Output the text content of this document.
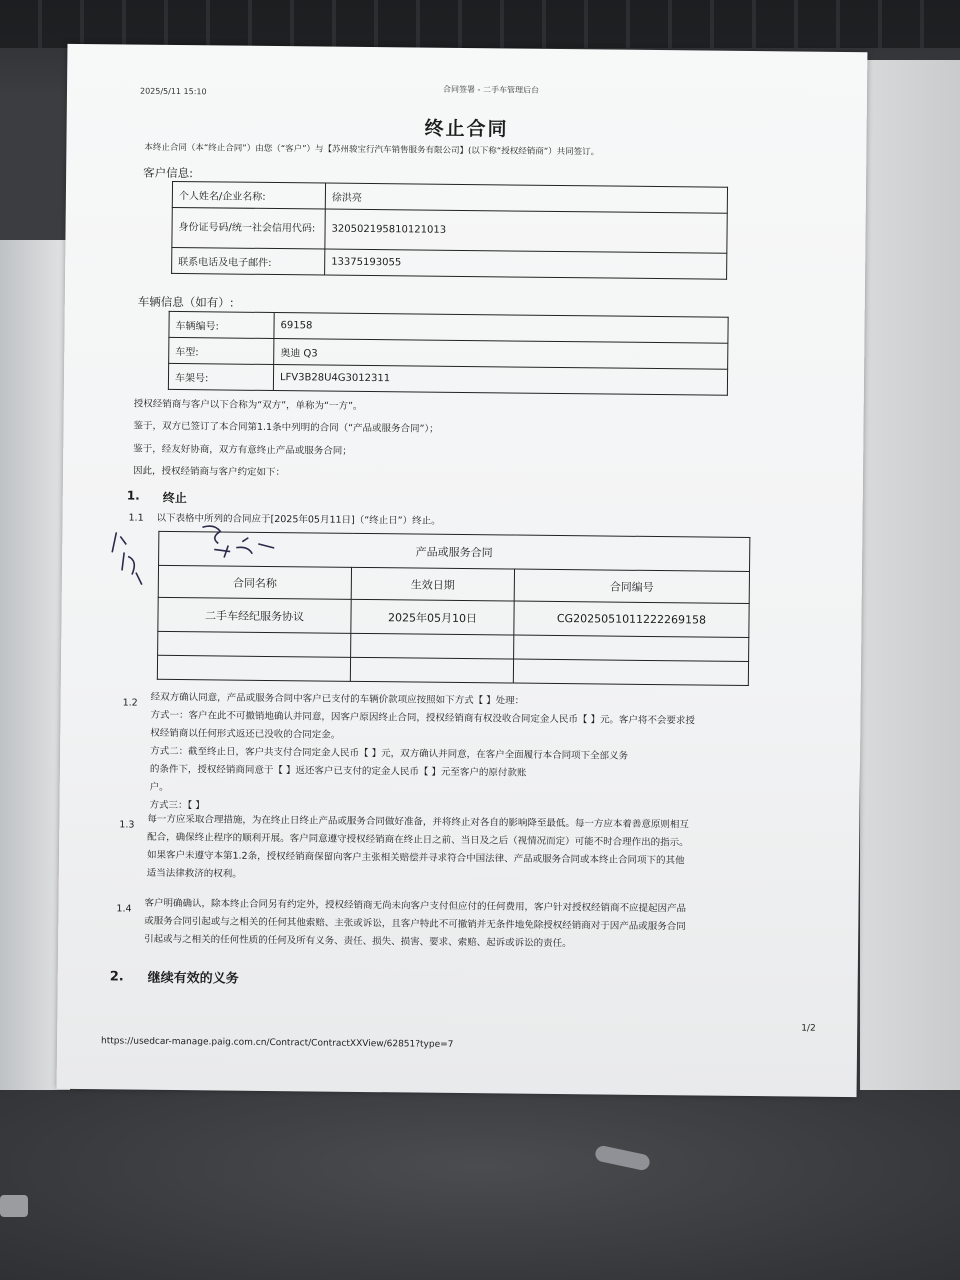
2025/5/11 15:10	合同签署 - 二手车管理后台
终止合同
本终止合同（本“终止合同”）由您（“客户”）与【苏州骏宝行汽车销售服务有限公司】(以下称“授权经销商”）共同签订。
客户信息:
个人姓名/企业名称:	徐洪亮
身份证号码/统一社会信用代码:	320502195810121013
联系电话及电子邮件:	13375193055
车辆信息（如有）:
车辆编号:	69158
车型:	奥迪 Q3
车架号:	LFV3B28U4G3012311
授权经销商与客户以下合称为“双方”，单称为“一方”。
鉴于，双方已签订了本合同第1.1条中列明的合同（“产品或服务合同”）；
鉴于，经友好协商，双方有意终止产品或服务合同；
因此，授权经销商与客户约定如下：
1. 终止
1.1 以下表格中所列的合同应于[2025年05月11日]（“终止日”）终止。
产品或服务合同		
合同名称	生效日期	合同编号
二手车经纪服务协议	2025年05月10日	CG2025051011222269158

1.2 经双方确认同意，产品或服务合同中客户已支付的车辆价款项应按照如下方式【 】处理：
方式一：客户在此不可撤销地确认并同意，因客户原因终止合同，授权经销商有权没收合同定金人民币【 】元。客户将不会要求授
权经销商以任何形式返还已没收的合同定金。
方式二：截至终止日，客户共支付合同定金人民币【 】元，双方确认并同意，在客户全面履行本合同项下全部义务
的条件下，授权经销商同意于【 】返还客户已支付的定金人民币【 】元至客户的原付款账
户。
方式三：【 】
1.3 每一方应采取合理措施，为在终止日终止产品或服务合同做好准备，并将终止对各自的影响降至最低。每一方应本着善意原则相互
配合，确保终止程序的顺利开展。客户同意遵守授权经销商在终止日之前、当日及之后（视情况而定）可能不时合理作出的指示。
如果客户未遵守本第1.2条，授权经销商保留向客户主张相关赔偿并寻求符合中国法律、产品或服务合同或本终止合同项下的其他
适当法律救济的权利。
1.4 客户明确确认，除本终止合同另有约定外，授权经销商无尚未向客户支付但应付的任何费用，客户针对授权经销商不应提起因产品
或服务合同引起或与之相关的任何其他索赔、主张或诉讼，且客户特此不可撤销并无条件地免除授权经销商对于因产品或服务合同
引起或与之相关的任何性质的任何及所有义务、责任、损失、损害、要求、索赔、起诉或诉讼的责任。
2. 继续有效的义务
1/2
https://usedcar-manage.paig.com.cn/Contract/ContractXXView/62851?type=7
